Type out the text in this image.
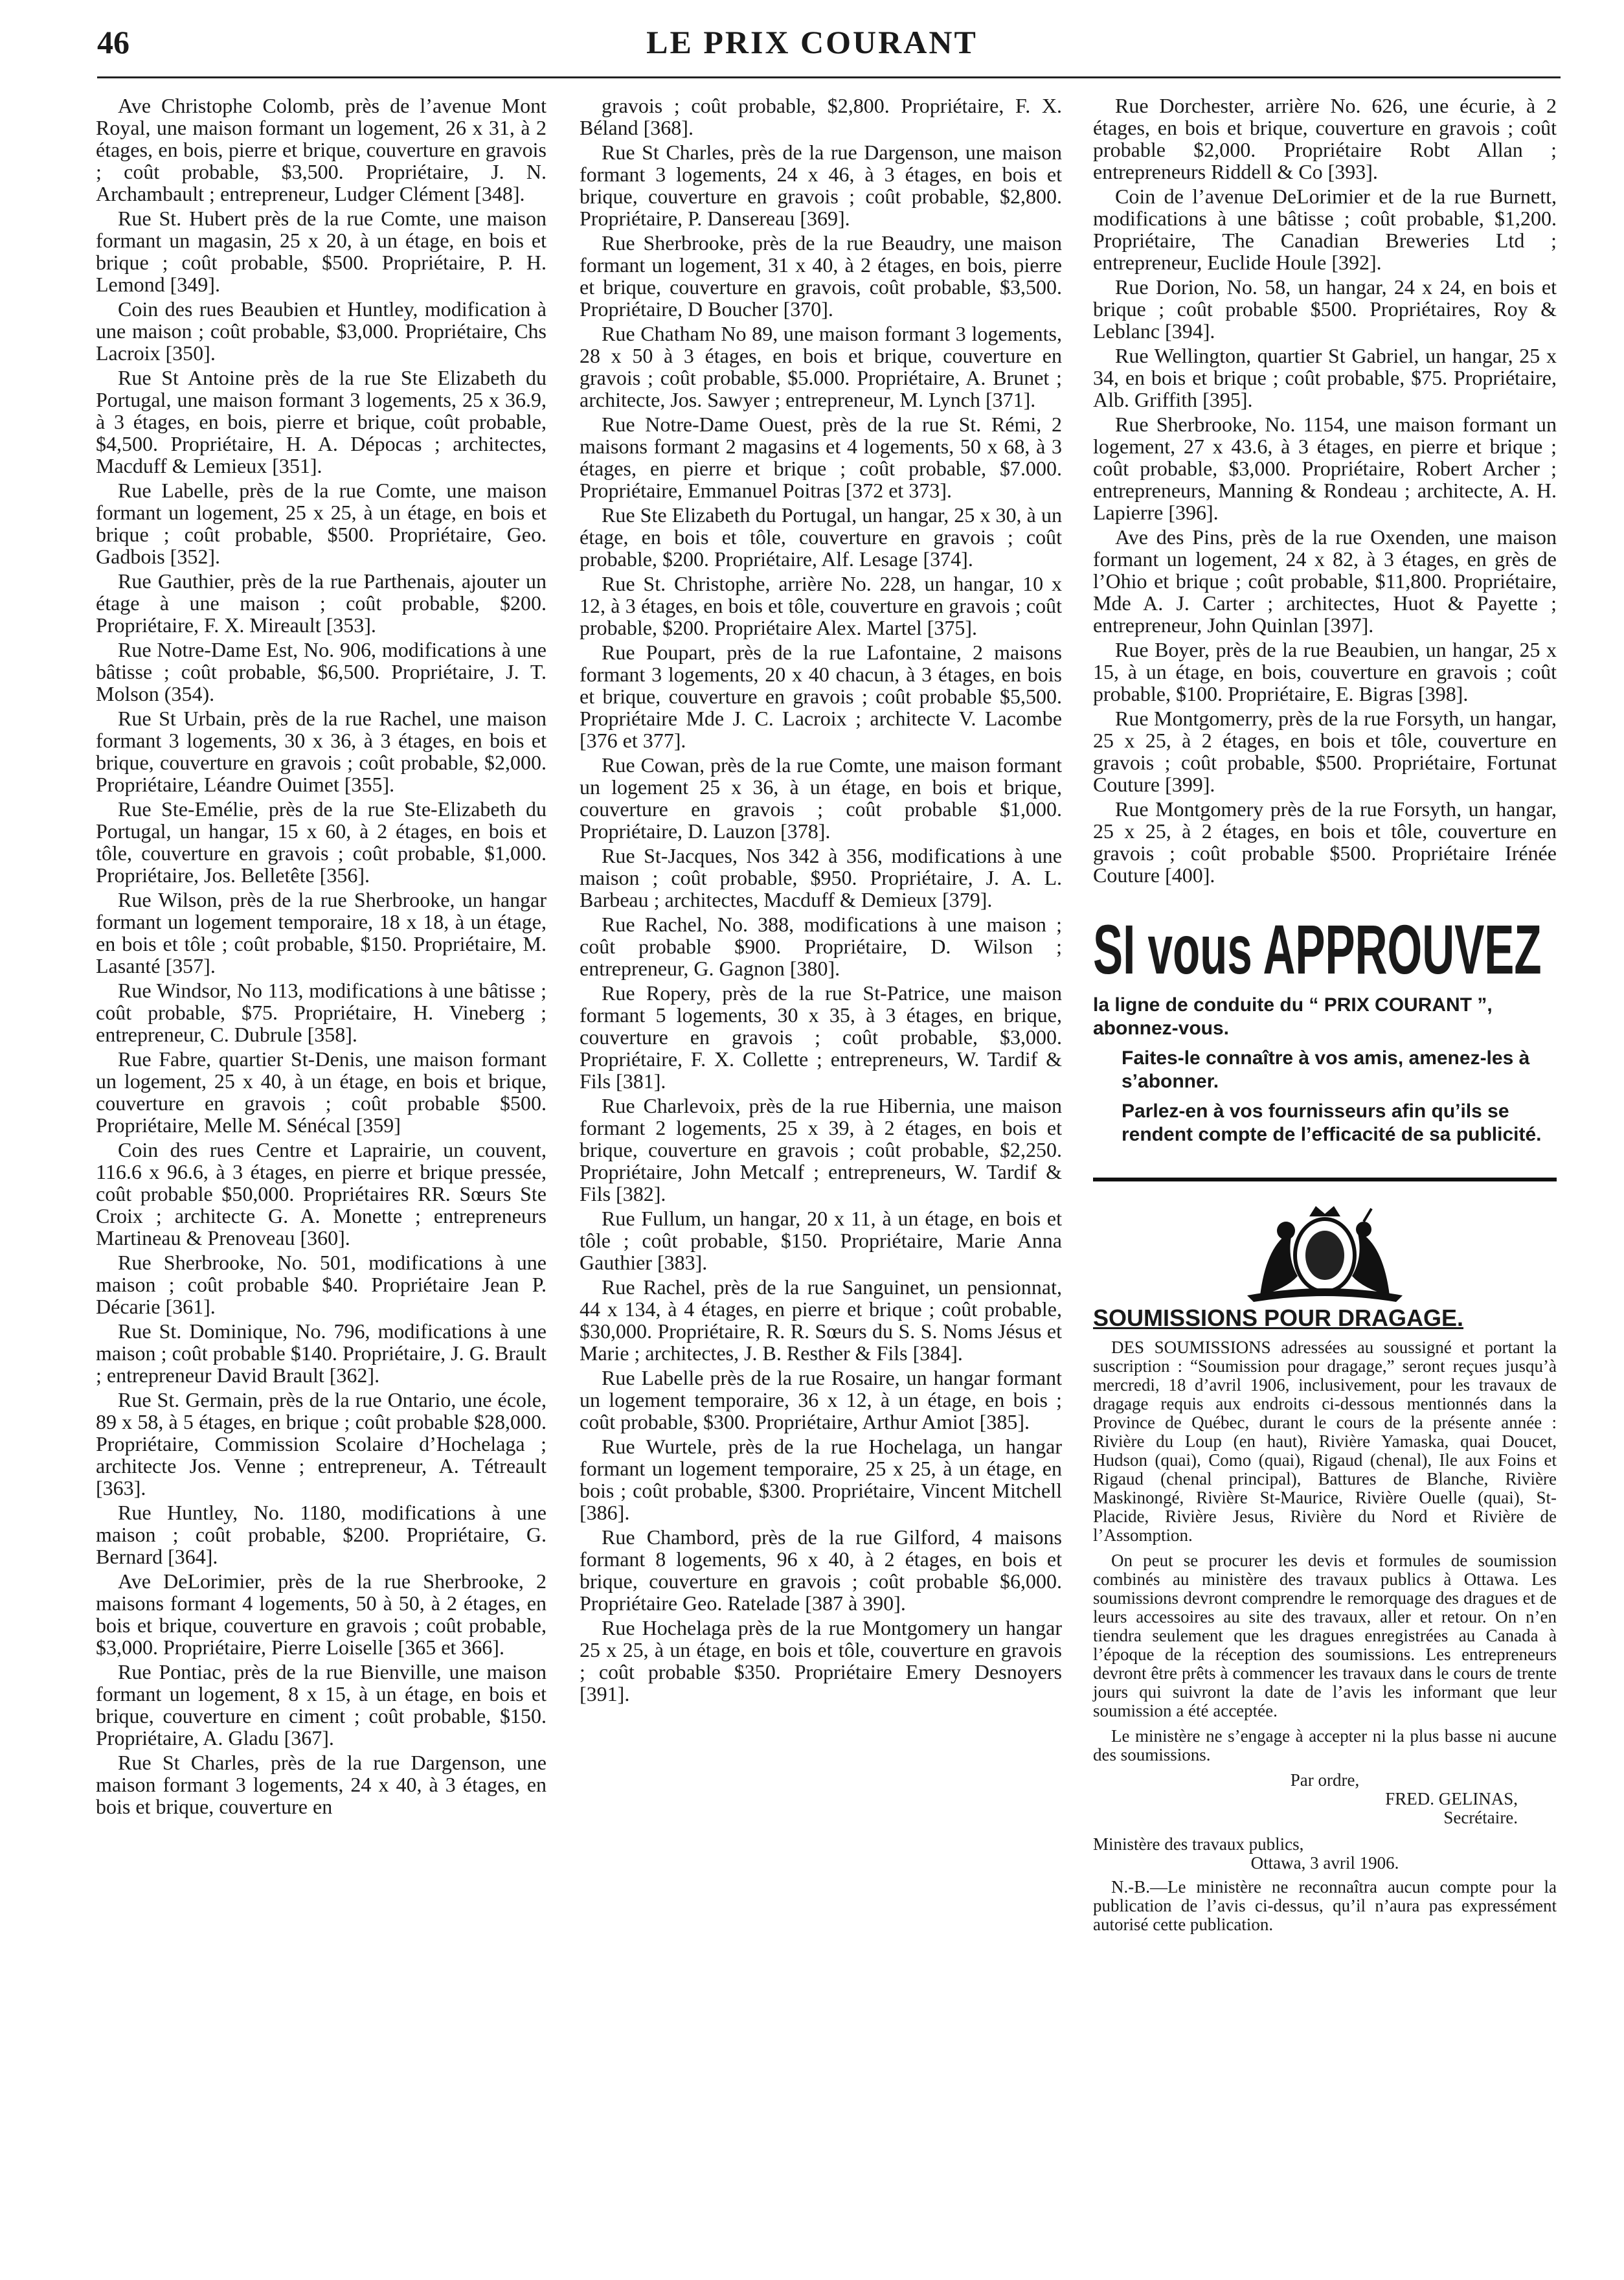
46	LE PRIX COURANT

Ave Christophe Colomb, près de l’avenue Mont Royal, une maison formant un logement, 26 x 31, à 2 étages, en bois, pierre et brique, couverture en gravois ; coût probable, $3,500. Propriétaire, J. N. Archambault ; entrepreneur, Ludger Clément [348].

Rue St. Hubert près de la rue Comte, une maison formant un magasin, 25 x 20, à un étage, en bois et brique ; coût probable, $500. Propriétaire, P. H. Lemond [349].

Coin des rues Beaubien et Huntley, modification à une maison ; coût probable, $3,000. Propriétaire, Chs Lacroix [350].

Rue St Antoine près de la rue Ste Elizabeth du Portugal, une maison formant 3 logements, 25 x 36.9, à 3 étages, en bois, pierre et brique, coût probable, $4,500. Propriétaire, H. A. Dépocas ; architectes, Macduff & Lemieux [351].

Rue Labelle, près de la rue Comte, une maison formant un logement, 25 x 25, à un étage, en bois et brique ; coût probable, $500. Propriétaire, Geo. Gadbois [352].

Rue Gauthier, près de la rue Parthenais, ajouter un étage à une maison ; coût probable, $200. Propriétaire, F. X. Mireault [353].

Rue Notre-Dame Est, No. 906, modifications à une bâtisse ; coût probable, $6,500. Propriétaire, J. T. Molson (354).

Rue St Urbain, près de la rue Rachel, une maison formant 3 logements, 30 x 36, à 3 étages, en bois et brique, couverture en gravois ; coût probable, $2,000. Propriétaire, Léandre Ouimet [355].

Rue Ste-Emélie, près de la rue Ste-Elizabeth du Portugal, un hangar, 15 x 60, à 2 étages, en bois et tôle, couverture en gravois ; coût probable, $1,000. Propriétaire, Jos. Belletête [356].

Rue Wilson, près de la rue Sherbrooke, un hangar formant un logement temporaire, 18 x 18, à un étage, en bois et tôle ; coût probable, $150. Propriétaire, M. Lasanté [357].

Rue Windsor, No 113, modifications à une bâtisse ; coût probable, $75. Propriétaire, H. Vineberg ; entrepreneur, C. Dubrule [358].

Rue Fabre, quartier St-Denis, une maison formant un logement, 25 x 40, à un étage, en bois et brique, couverture en gravois ; coût probable $500. Propriétaire, Melle M. Sénécal [359]

Coin des rues Centre et Laprairie, un couvent, 116.6 x 96.6, à 3 étages, en pierre et brique pressée, coût probable $50,000. Propriétaires RR. Sœurs Ste Croix ; architecte G. A. Monette ; entrepreneurs Martineau & Prenoveau [360].

Rue Sherbrooke, No. 501, modifications à une maison ; coût probable $40. Propriétaire Jean P. Décarie [361].

Rue St. Dominique, No. 796, modifications à une maison ; coût probable $140. Propriétaire, J. G. Brault ; entrepreneur David Brault [362].

Rue St. Germain, près de la rue Ontario, une école, 89 x 58, à 5 étages, en brique ; coût probable $28,000. Propriétaire, Commission Scolaire d’Hochelaga ; architecte Jos. Venne ; entrepreneur, A. Tétreault [363].

Rue Huntley, No. 1180, modifications à une maison ; coût probable, $200. Propriétaire, G. Bernard [364].

Ave DeLorimier, près de la rue Sherbrooke, 2 maisons formant 4 logements, 50 à 50, à 2 étages, en bois et brique, couverture en gravois ; coût probable, $3,000. Propriétaire, Pierre Loiselle [365 et 366].

Rue Pontiac, près de la rue Bienville, une maison formant un logement, 8 x 15, à un étage, en bois et brique, couverture en ciment ; coût probable, $150. Propriétaire, A. Gladu [367].

Rue St Charles, près de la rue Dargenson, une maison formant 3 logements, 24 x 40, à 3 étages, en bois et brique, couverture en

gravois ; coût probable, $2,800. Propriétaire, F. X. Béland [368].

Rue St Charles, près de la rue Dargenson, une maison formant 3 logements, 24 x 46, à 3 étages, en bois et brique, couverture en gravois ; coût probable, $2,800. Propriétaire, P. Dansereau [369].

Rue Sherbrooke, près de la rue Beaudry, une maison formant un logement, 31 x 40, à 2 étages, en bois, pierre et brique, couverture en gravois, coût probable, $3,500. Propriétaire, D Boucher [370].

Rue Chatham No 89, une maison formant 3 logements, 28 x 50 à 3 étages, en bois et brique, couverture en gravois ; coût probable, $5.000. Propriétaire, A. Brunet ; architecte, Jos. Sawyer ; entrepreneur, M. Lynch [371].

Rue Notre-Dame Ouest, près de la rue St. Rémi, 2 maisons formant 2 magasins et 4 logements, 50 x 68, à 3 étages, en pierre et brique ; coût probable, $7.000. Propriétaire, Emmanuel Poitras [372 et 373].

Rue Ste Elizabeth du Portugal, un hangar, 25 x 30, à un étage, en bois et tôle, couverture en gravois ; coût probable, $200. Propriétaire, Alf. Lesage [374].

Rue St. Christophe, arrière No. 228, un hangar, 10 x 12, à 3 étages, en bois et tôle, couverture en gravois ; coût probable, $200. Propriétaire Alex. Martel [375].

Rue Poupart, près de la rue Lafontaine, 2 maisons formant 3 logements, 20 x 40 chacun, à 3 étages, en bois et brique, couverture en gravois ; coût probable $5,500. Propriétaire Mde J. C. Lacroix ; architecte V. Lacombe [376 et 377].

Rue Cowan, près de la rue Comte, une maison formant un logement 25 x 36, à un étage, en bois et brique, couverture en gravois ; coût probable $1,000. Propriétaire, D. Lauzon [378].

Rue St-Jacques, Nos 342 à 356, modifications à une maison ; coût probable, $950. Propriétaire, J. A. L. Barbeau ; architectes, Macduff & Demieux [379].

Rue Rachel, No. 388, modifications à une maison ; coût probable $900. Propriétaire, D. Wilson ; entrepreneur, G. Gagnon [380].

Rue Ropery, près de la rue St-Patrice, une maison formant 5 logements, 30 x 35, à 3 étages, en brique, couverture en gravois ; coût probable, $3,000. Propriétaire, F. X. Collette ; entrepreneurs, W. Tardif & Fils [381].

Rue Charlevoix, près de la rue Hibernia, une maison formant 2 logements, 25 x 39, à 2 étages, en bois et brique, couverture en gravois ; coût probable, $2,250. Propriétaire, John Metcalf ; entrepreneurs, W. Tardif & Fils [382].

Rue Fullum, un hangar, 20 x 11, à un étage, en bois et tôle ; coût probable, $150. Propriétaire, Marie Anna Gauthier [383].

Rue Rachel, près de la rue Sanguinet, un pensionnat, 44 x 134, à 4 étages, en pierre et brique ; coût probable, $30,000. Propriétaire, R. R. Sœurs du S. S. Noms Jésus et Marie ; architectes, J. B. Resther & Fils [384].

Rue Labelle près de la rue Rosaire, un hangar formant un logement temporaire, 36 x 12, à un étage, en bois ; coût probable, $300. Propriétaire, Arthur Amiot [385].

Rue Wurtele, près de la rue Hochelaga, un hangar formant un logement temporaire, 25 x 25, à un étage, en bois ; coût probable, $300. Propriétaire, Vincent Mitchell [386].

Rue Chambord, près de la rue Gilford, 4 maisons formant 8 logements, 96 x 40, à 2 étages, en bois et brique, couverture en gravois ; coût probable $6,000. Propriétaire Geo. Ratelade [387 à 390].

Rue Hochelaga près de la rue Montgomery un hangar 25 x 25, à un étage, en bois et tôle, couverture en gravois ; coût probable $350. Propriétaire Emery Desnoyers [391].

Rue Dorchester, arrière No. 626, une écurie, à 2 étages, en bois et brique, couverture en gravois ; coût probable $2,000. Propriétaire Robt Allan ; entrepreneurs Riddell & Co [393].

Coin de l’avenue DeLorimier et de la rue Burnett, modifications à une bâtisse ; coût probable, $1,200. Propriétaire, The Canadian Breweries Ltd ; entrepreneur, Euclide Houle [392].

Rue Dorion, No. 58, un hangar, 24 x 24, en bois et brique ; coût probable $500. Propriétaires, Roy & Leblanc [394].

Rue Wellington, quartier St Gabriel, un hangar, 25 x 34, en bois et brique ; coût probable, $75. Propriétaire, Alb. Griffith [395].

Rue Sherbrooke, No. 1154, une maison formant un logement, 27 x 43.6, à 3 étages, en pierre et brique ; coût probable, $3,000. Propriétaire, Robert Archer ; entrepreneurs, Manning & Rondeau ; architecte, A. H. Lapierre [396].

Ave des Pins, près de la rue Oxenden, une maison formant un logement, 24 x 82, à 3 étages, en grès de l’Ohio et brique ; coût probable, $11,800. Propriétaire, Mde A. J. Carter ; architectes, Huot & Payette ; entrepreneur, John Quinlan [397].

Rue Boyer, près de la rue Beaubien, un hangar, 25 x 15, à un étage, en bois, couverture en gravois ; coût probable, $100. Propriétaire, E. Bigras [398].

Rue Montgomerry, près de la rue Forsyth, un hangar, 25 x 25, à 2 étages, en bois et tôle, couverture en gravois ; coût probable, $500. Propriétaire, Fortunat Couture [399].

Rue Montgomery près de la rue Forsyth, un hangar, 25 x 25, à 2 étages, en bois et tôle, couverture en gravois ; coût probable $500. Propriétaire Irénée Couture [400].

SI vous APPROUVEZ

la ligne de conduite du “ PRIX COURANT ”, abonnez-vous.

Faites-le connaître à vos amis, amenez-les à s’abonner.

Parlez-en à vos fournisseurs afin qu’ils se rendent compte de l’efficacité de sa publicité.

SOUMISSIONS POUR DRAGAGE.

DES SOUMISSIONS adressées au soussigné et portant la suscription : “Soumission pour dragage,” seront reçues jusqu’à mercredi, 18 d’avril 1906, inclusivement, pour les travaux de dragage requis aux endroits ci-dessous mentionnés dans la Province de Québec, durant le cours de la présente année : Rivière du Loup (en haut), Rivière Yamaska, quai Doucet, Hudson (quai), Como (quai), Rigaud (chenal), Ile aux Foins et Rigaud (chenal principal), Battures de Blanche, Rivière Maskinongé, Rivière St-Maurice, Rivière Ouelle (quai), St-Placide, Rivière Jesus, Rivière du Nord et Rivière de l’Assomption.

On peut se procurer les devis et formules de soumission combinés au ministère des travaux publics à Ottawa. Les soumissions devront comprendre le remorquage des dragues et de leurs accessoires au site des travaux, aller et retour. On n’en tiendra seulement que les dragues enregistrées au Canada à l’époque de la réception des soumissions. Les entrepreneurs devront être prêts à commencer les travaux dans le cours de trente jours qui suivront la date de l’avis les informant que leur soumission a été acceptée.

Le ministère ne s’engage à accepter ni la plus basse ni aucune des soumissions.

Par ordre,
FRED. GELINAS,
Secrétaire.
Ministère des travaux publics,
Ottawa, 3 avril 1906.

N.-B.—Le ministère ne reconnaîtra aucun compte pour la publication de l’avis ci-dessus, qu’il n’aura pas expressément autorisé cette publication.
